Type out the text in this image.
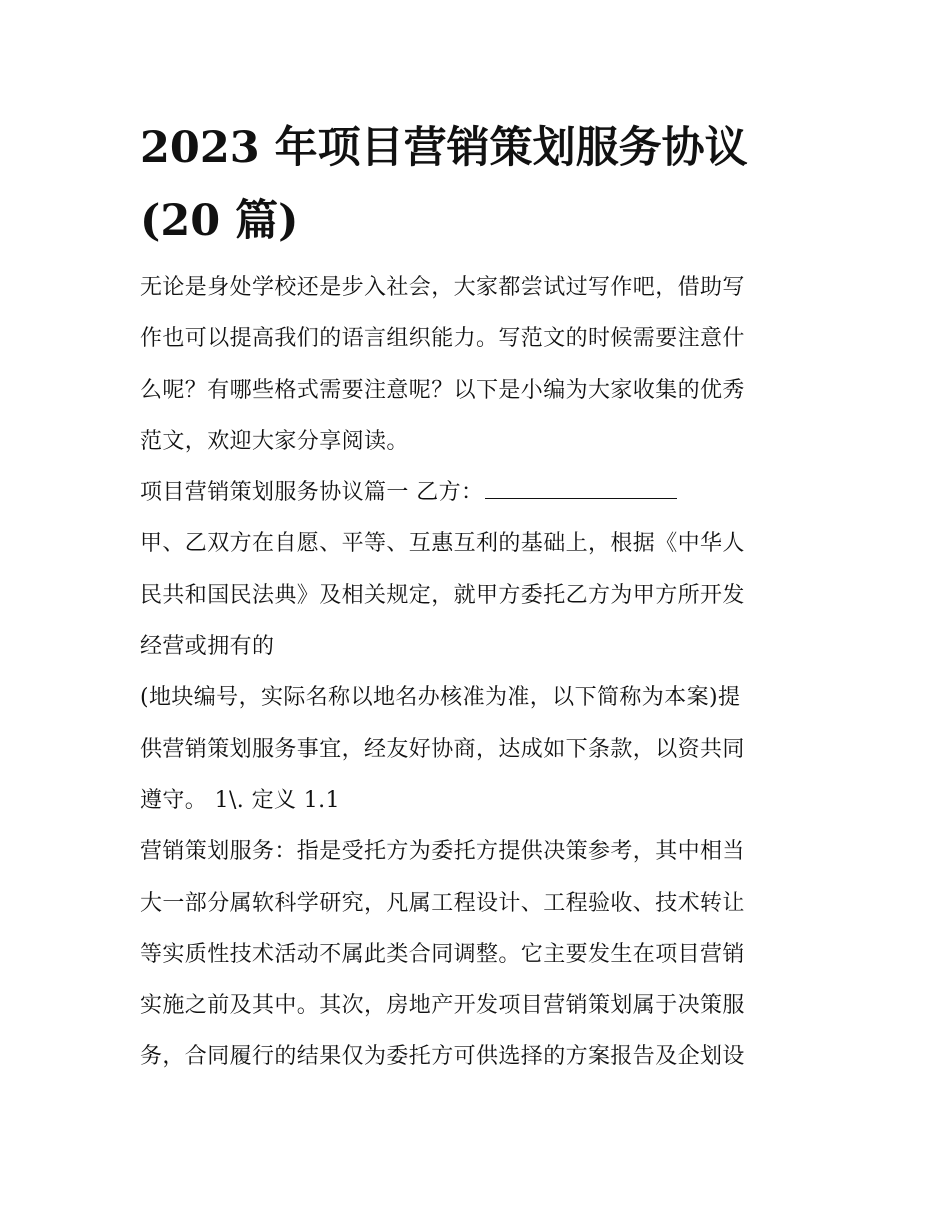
2023 年项目营销策划服务协议
(20 篇)
无论是身处学校还是步入社会，大家都尝试过写作吧，借助写
作也可以提高我们的语言组织能力。写范文的时候需要注意什
么呢？有哪些格式需要注意呢？以下是小编为大家收集的优秀
范文，欢迎大家分享阅读。
项目营销策划服务协议篇一 乙方：
甲、乙双方在自愿、平等、互惠互利的基础上，根据《中华人
民共和国民法典》及相关规定，就甲方委托乙方为甲方所开发
经营或拥有的
(地块编号，实际名称以地名办核准为准，以下简称为本案)提
供营销策划服务事宜，经友好协商，达成如下条款，以资共同
遵守。 1\. 定义 1.1
营销策划服务：指是受托方为委托方提供决策参考，其中相当
大一部分属软科学研究，凡属工程设计、工程验收、技术转让
等实质性技术活动不属此类合同调整。它主要发生在项目营销
实施之前及其中。其次，房地产开发项目营销策划属于决策服
务，合同履行的结果仅为委托方可供选择的方案报告及企划设
